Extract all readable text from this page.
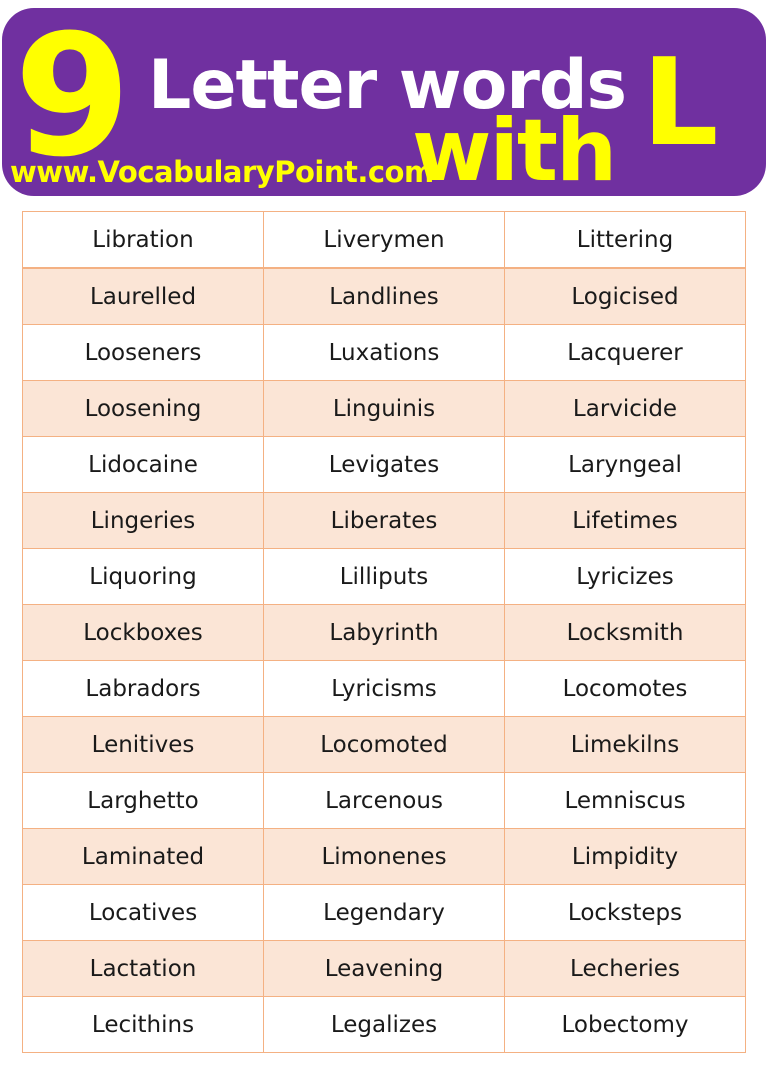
9 Letter words
with L
www.VocabularyPoint.com
Libration	Liverymen	Littering
Laurelled	Landlines	Logicised
Looseners	Luxations	Lacquerer
Loosening	Linguinis	Larvicide
Lidocaine	Levigates	Laryngeal
Lingeries	Liberates	Lifetimes
Liquoring	Lilliputs	Lyricizes
Lockboxes	Labyrinth	Locksmith
Labradors	Lyricisms	Locomotes
Lenitives	Locomoted	Limekilns
Larghetto	Larcenous	Lemniscus
Laminated	Limonenes	Limpidity
Locatives	Legendary	Locksteps
Lactation	Leavening	Lecheries
Lecithins	Legalizes	Lobectomy
